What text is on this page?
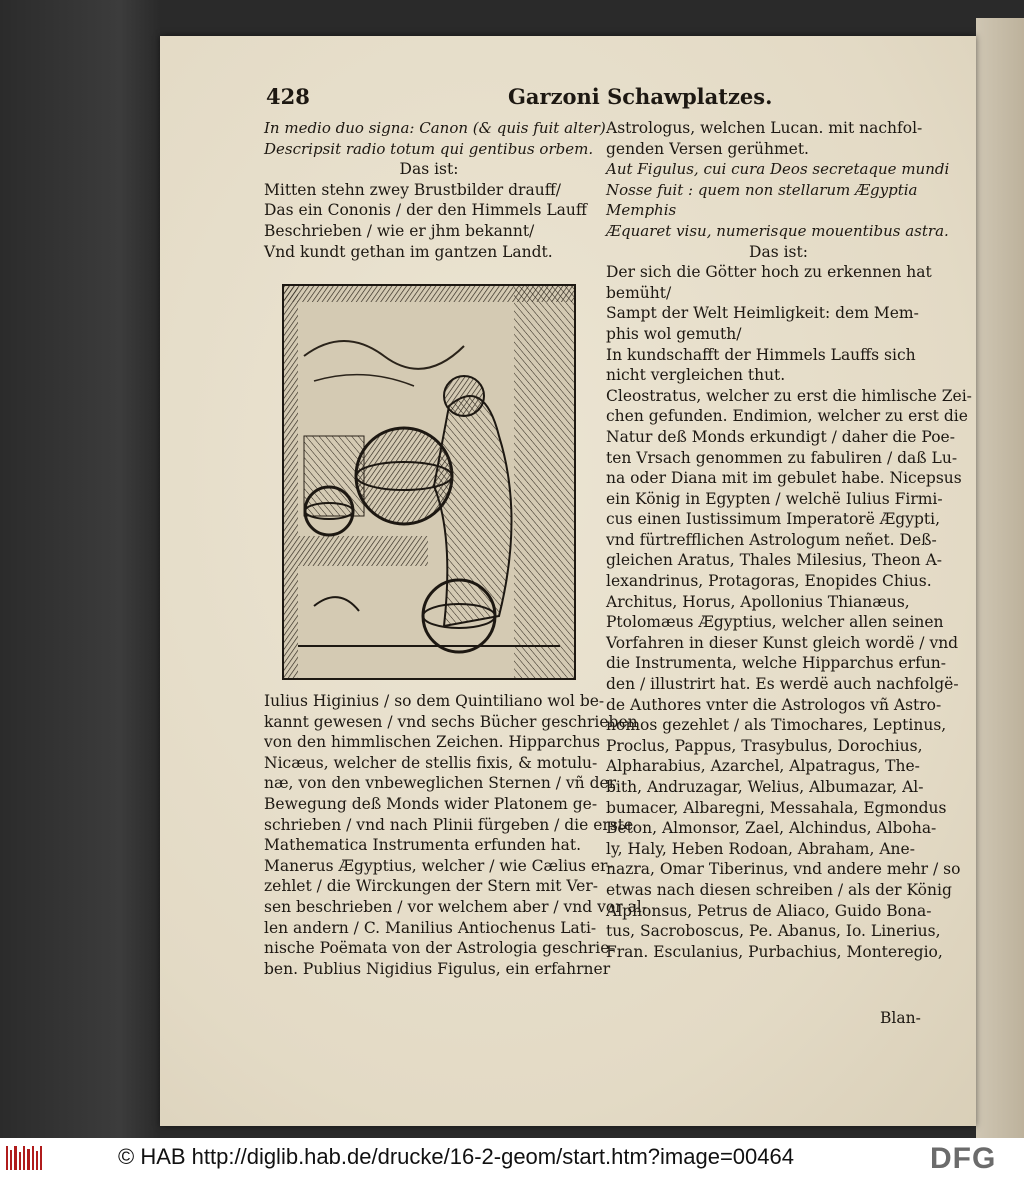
428	Garzoni Schawplatzes.
In medio duo signa: Canon (& quis fuit alter)
Descripsit radio totum qui gentibus orbem.
Das ist:
Mitten stehn zwey Brustbilder drauff/
Das ein Cononis / der den Himmels Lauff
Beschrieben / wie er jhm bekannt/
Vnd kundt gethan im gantzen Landt.
Iulius Higinius / so dem Quintiliano wol be-
kannt gewesen / vnd sechs Bücher geschrieben
von den himmlischen Zeichen. Hipparchus
Nicæus, welcher de stellis fixis, & motulu-
næ, von den vnbeweglichen Sternen / vñ der
Bewegung deß Monds wider Platonem ge-
schrieben / vnd nach Plinii fürgeben / die erste
Mathematica Instrumenta erfunden hat.
Manerus Ægyptius, welcher / wie Cælius er-
zehlet / die Wirckungen der Stern mit Ver-
sen beschrieben / vor welchem aber / vnd vor al-
len andern / C. Manilius Antiochenus Lati-
nische Poëmata von der Astrologia geschrie-
ben. Publius Nigidius Figulus, ein erfahrner
Astrologus, welchen Lucan. mit nachfol-
genden Versen gerühmet.
Aut Figulus, cui cura Deos secretaque mundi
Nosse fuit : quem non stellarum Ægyptia
Memphis
Æquaret visu, numerisque mouentibus astra.
Das ist:
Der sich die Götter hoch zu erkennen hat
bemüht/
Sampt der Welt Heimligkeit: dem Mem-
phis wol gemuth/
In kundschafft der Himmels Lauffs sich
nicht vergleichen thut.
Cleostratus, welcher zu erst die himlische Zei-
chen gefunden. Endimion, welcher zu erst die
Natur deß Monds erkundigt / daher die Poe-
ten Vrsach genommen zu fabuliren / daß Lu-
na oder Diana mit im gebulet habe. Nicepsus
ein König in Egypten / welchë Iulius Firmi-
cus einen Iustissimum Imperatorë Ægypti,
vnd fürtrefflichen Astrologum neñet. Deß-
gleichen Aratus, Thales Milesius, Theon A-
lexandrinus, Protagoras, Enopides Chius.
Architus, Horus, Apollonius Thianæus,
Ptolomæus Ægyptius, welcher allen seinen
Vorfahren in dieser Kunst gleich wordë / vnd
die Instrumenta, welche Hipparchus erfun-
den / illustrirt hat. Es werdë auch nachfolgë-
de Authores vnter die Astrologos vñ Astro-
nomos gezehlet / als Timochares, Leptinus,
Proclus, Pappus, Trasybulus, Dorochius,
Alpharabius, Azarchel, Alpatragus, The-
bith, Andruzagar, Welius, Albumazar, Al-
bumacer, Albaregni, Messahala, Egmondus
Beton, Almonsor, Zael, Alchindus, Alboha-
ly, Haly, Heben Rodoan, Abraham, Ane-
nazra, Omar Tiberinus, vnd andere mehr / so
etwas nach diesen schreiben / als der König
Alphonsus, Petrus de Aliaco, Guido Bona-
tus, Sacroboscus, Pe. Abanus, Io. Linerius,
Fran. Esculanius, Purbachius, Monteregio,
Blan-
© HAB http://diglib.hab.de/drucke/16-2-geom/start.htm?image=00464	DFG
